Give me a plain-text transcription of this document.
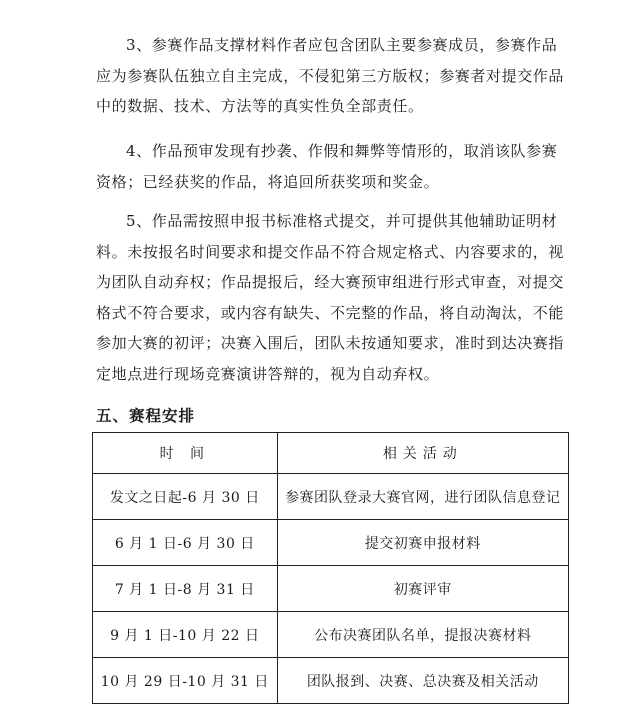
3、参赛作品支撑材料作者应包含团队主要参赛成员，参赛作品
应为参赛队伍独立自主完成，不侵犯第三方版权；参赛者对提交作品
中的数据、技术、方法等的真实性负全部责任。

4、作品预审发现有抄袭、作假和舞弊等情形的，取消该队参赛
资格；已经获奖的作品，将追回所获奖项和奖金。

5、作品需按照申报书标准格式提交，并可提供其他辅助证明材
料。未按报名时间要求和提交作品不符合规定格式、内容要求的，视
为团队自动弃权；作品提报后，经大赛预审组进行形式审查，对提交
格式不符合要求，或内容有缺失、不完整的作品，将自动淘汰，不能
参加大赛的初评；决赛入围后，团队未按通知要求，准时到达决赛指
定地点进行现场竞赛演讲答辩的，视为自动弃权。

五、赛程安排
时 间	相关活动
发文之日起-6 月 30 日	参赛团队登录大赛官网，进行团队信息登记
6 月 1 日-6 月 30 日	提交初赛申报材料
7 月 1 日-8 月 31 日	初赛评审
9 月 1 日-10 月 22 日	公布决赛团队名单，提报决赛材料
10 月 29 日-10 月 31 日	团队报到、决赛、总决赛及相关活动
